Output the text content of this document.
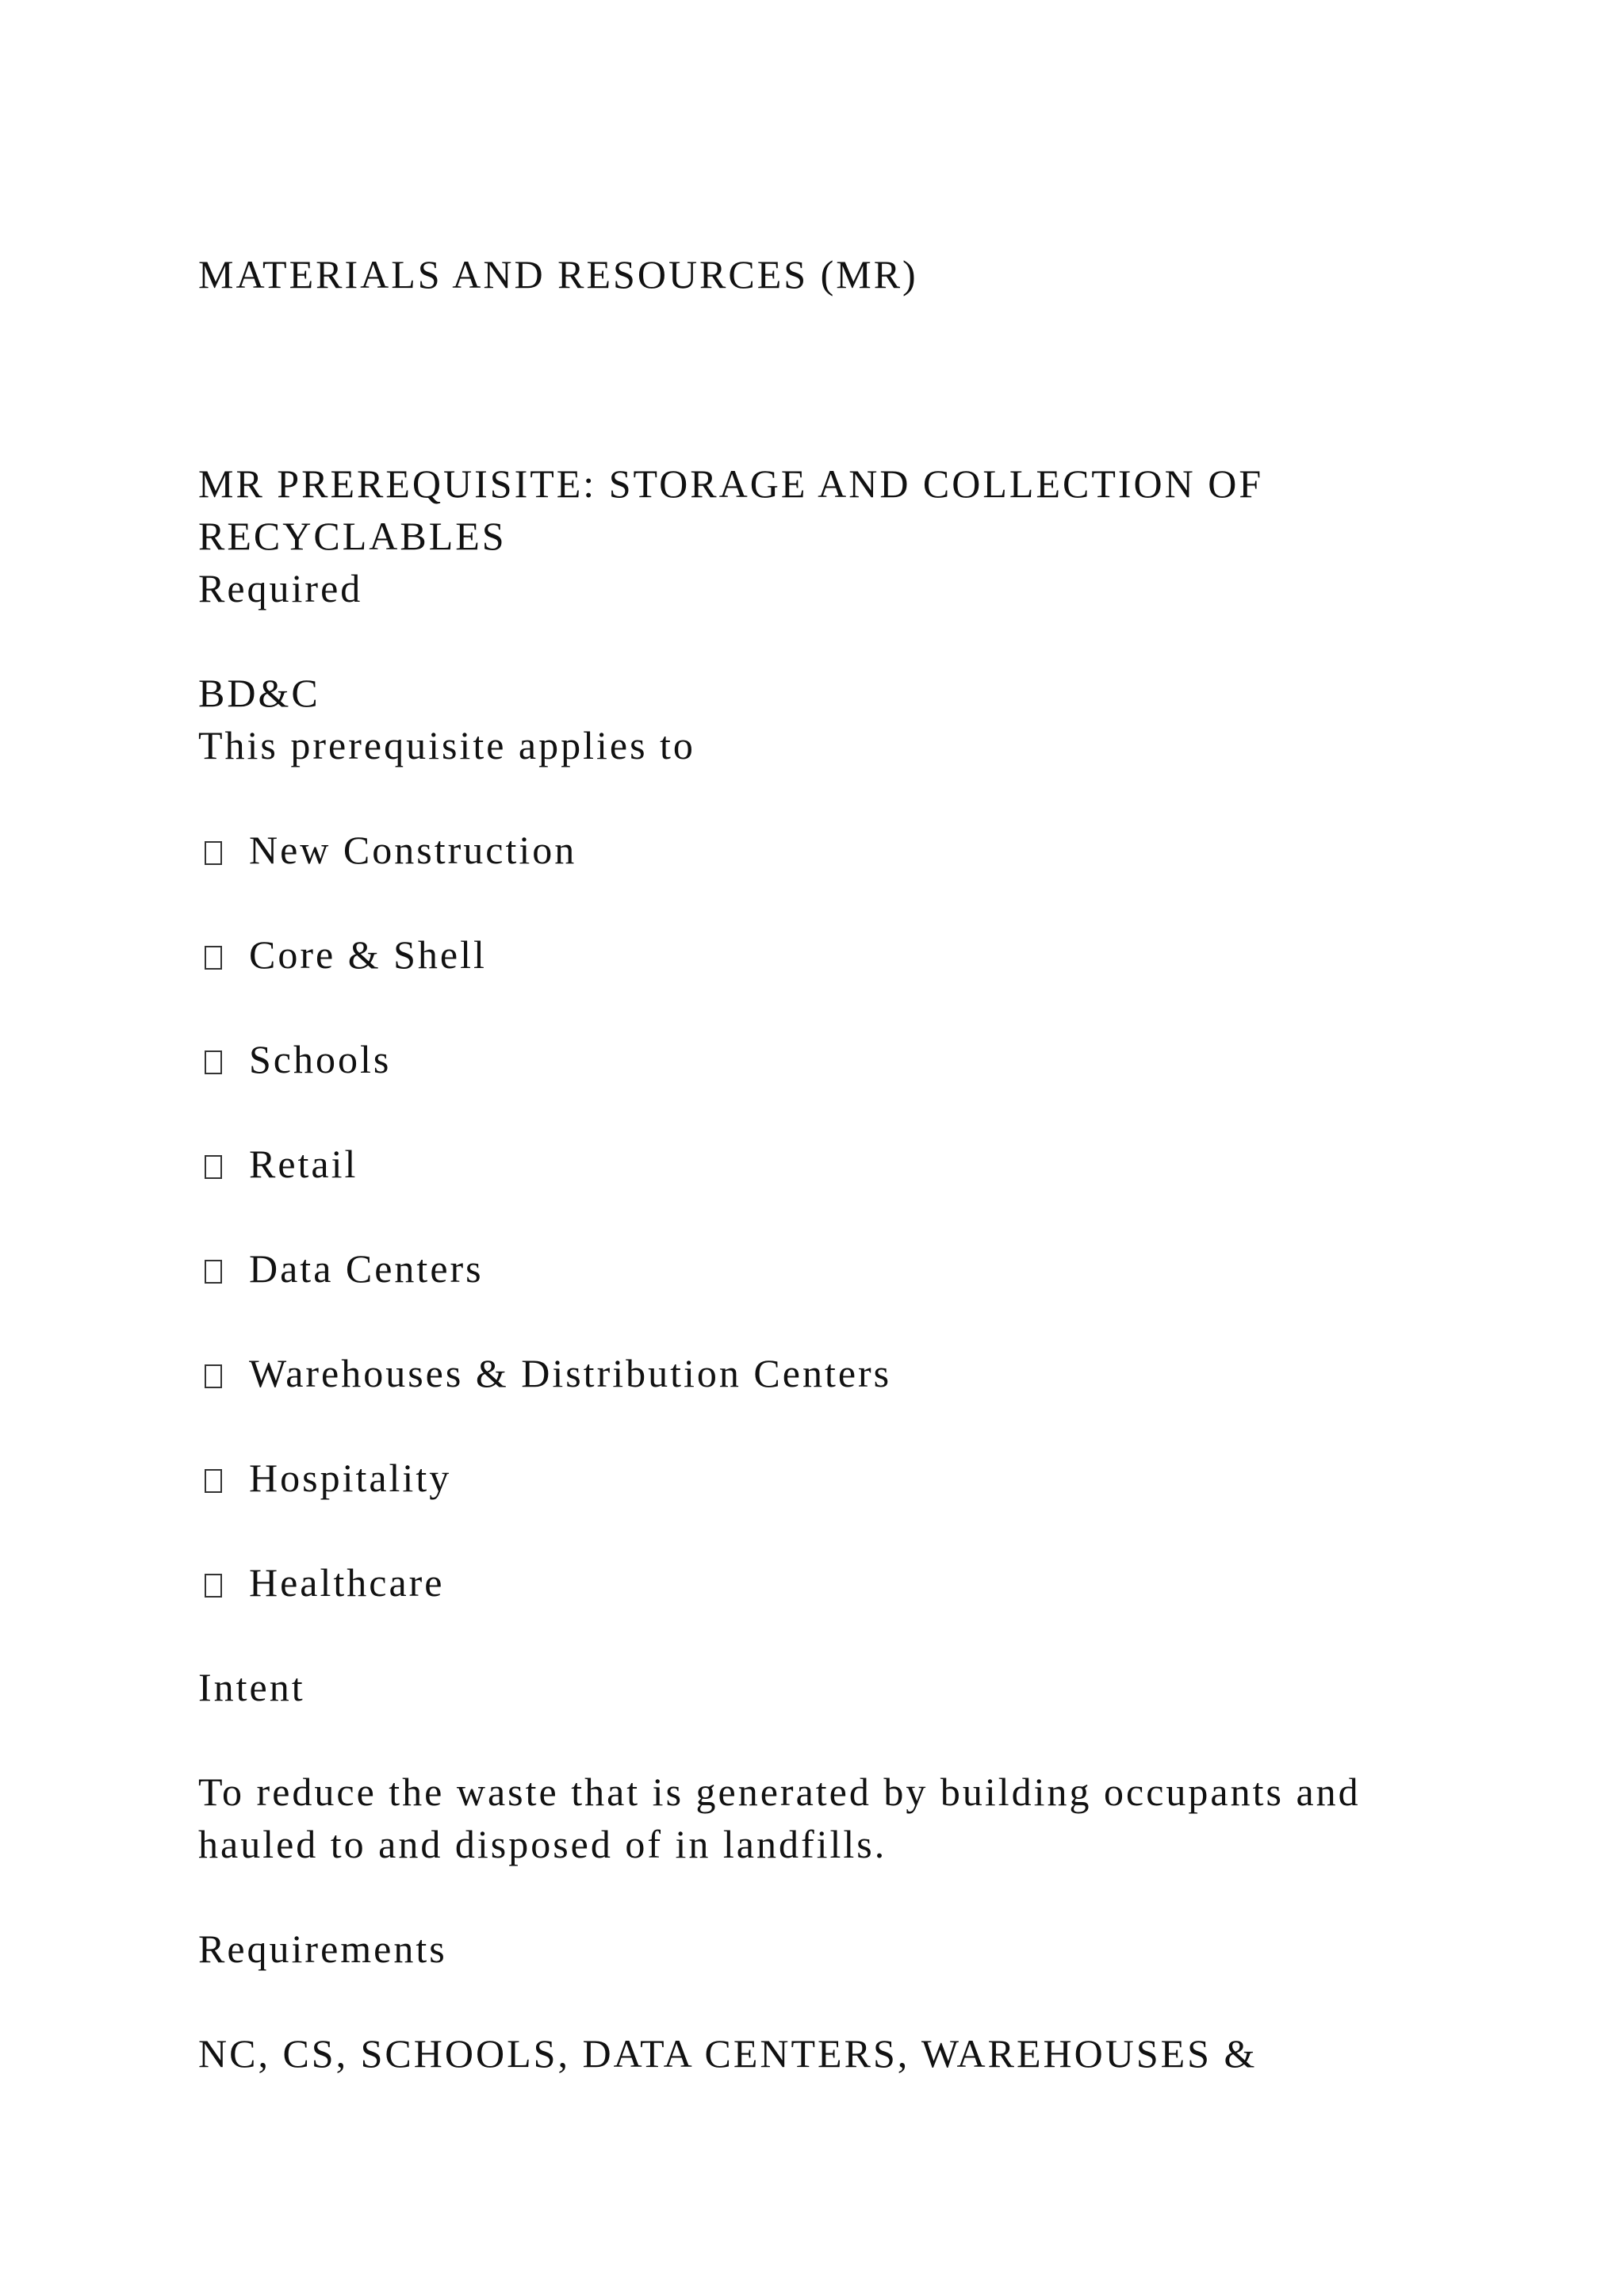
MATERIALS AND RESOURCES (MR)
MR PREREQUISITE: STORAGE AND COLLECTION OF
RECYCLABLES
Required
BD&C
This prerequisite applies to
New Construction
Core & Shell
Schools
Retail
Data Centers
Warehouses & Distribution Centers
Hospitality
Healthcare
Intent
To reduce the waste that is generated by building occupants and
hauled to and disposed of in landfills.
Requirements
NC, CS, SCHOOLS, DATA CENTERS, WAREHOUSES &
